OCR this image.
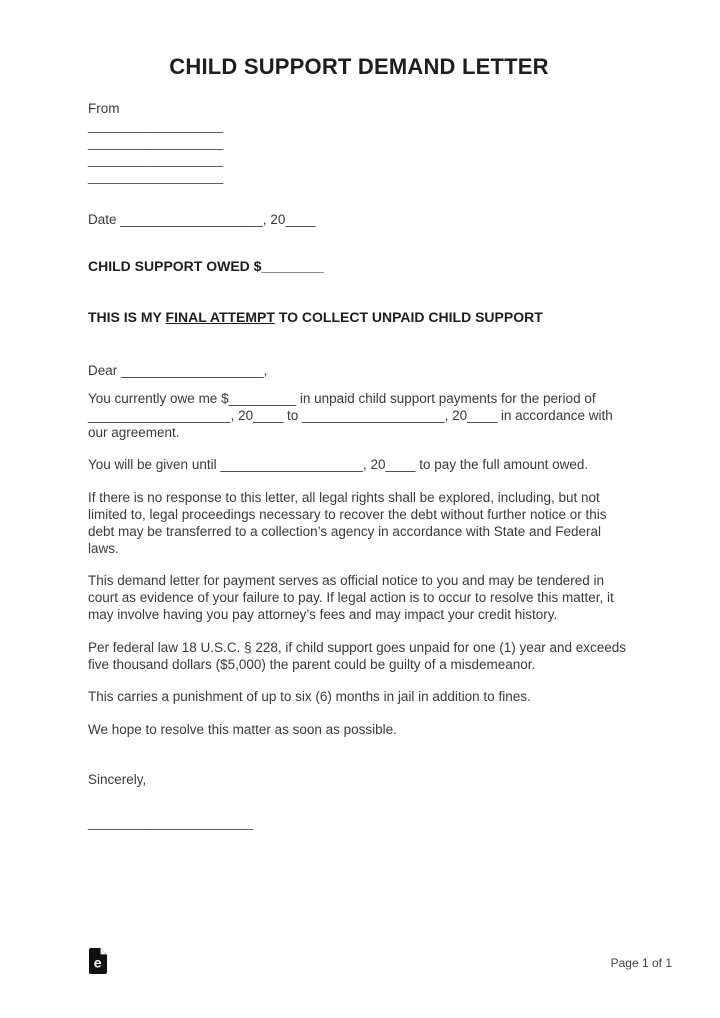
CHILD SUPPORT DEMAND LETTER
From
__________________
__________________
__________________
__________________
Date ___________________, 20____
CHILD SUPPORT OWED $________
THIS IS MY FINAL ATTEMPT TO COLLECT UNPAID CHILD SUPPORT
Dear ___________________,

You currently owe me $_________ in unpaid child support payments for the period of ___________________, 20____ to ___________________, 20____ in accordance with our agreement.

You will be given until ___________________, 20____ to pay the full amount owed.

If there is no response to this letter, all legal rights shall be explored, including, but not limited to, legal proceedings necessary to recover the debt without further notice or this debt may be transferred to a collection’s agency in accordance with State and Federal laws.

This demand letter for payment serves as official notice to you and may be tendered in court as evidence of your failure to pay. If legal action is to occur to resolve this matter, it may involve having you pay attorney’s fees and may impact your credit history.

Per federal law 18 U.S.C. § 228, if child support goes unpaid for one (1) year and exceeds five thousand dollars ($5,000) the parent could be guilty of a misdemeanor.

This carries a punishment of up to six (6) months in jail in addition to fines.

We hope to resolve this matter as soon as possible.

Sincerely,
______________________
e	Page 1 of 1
